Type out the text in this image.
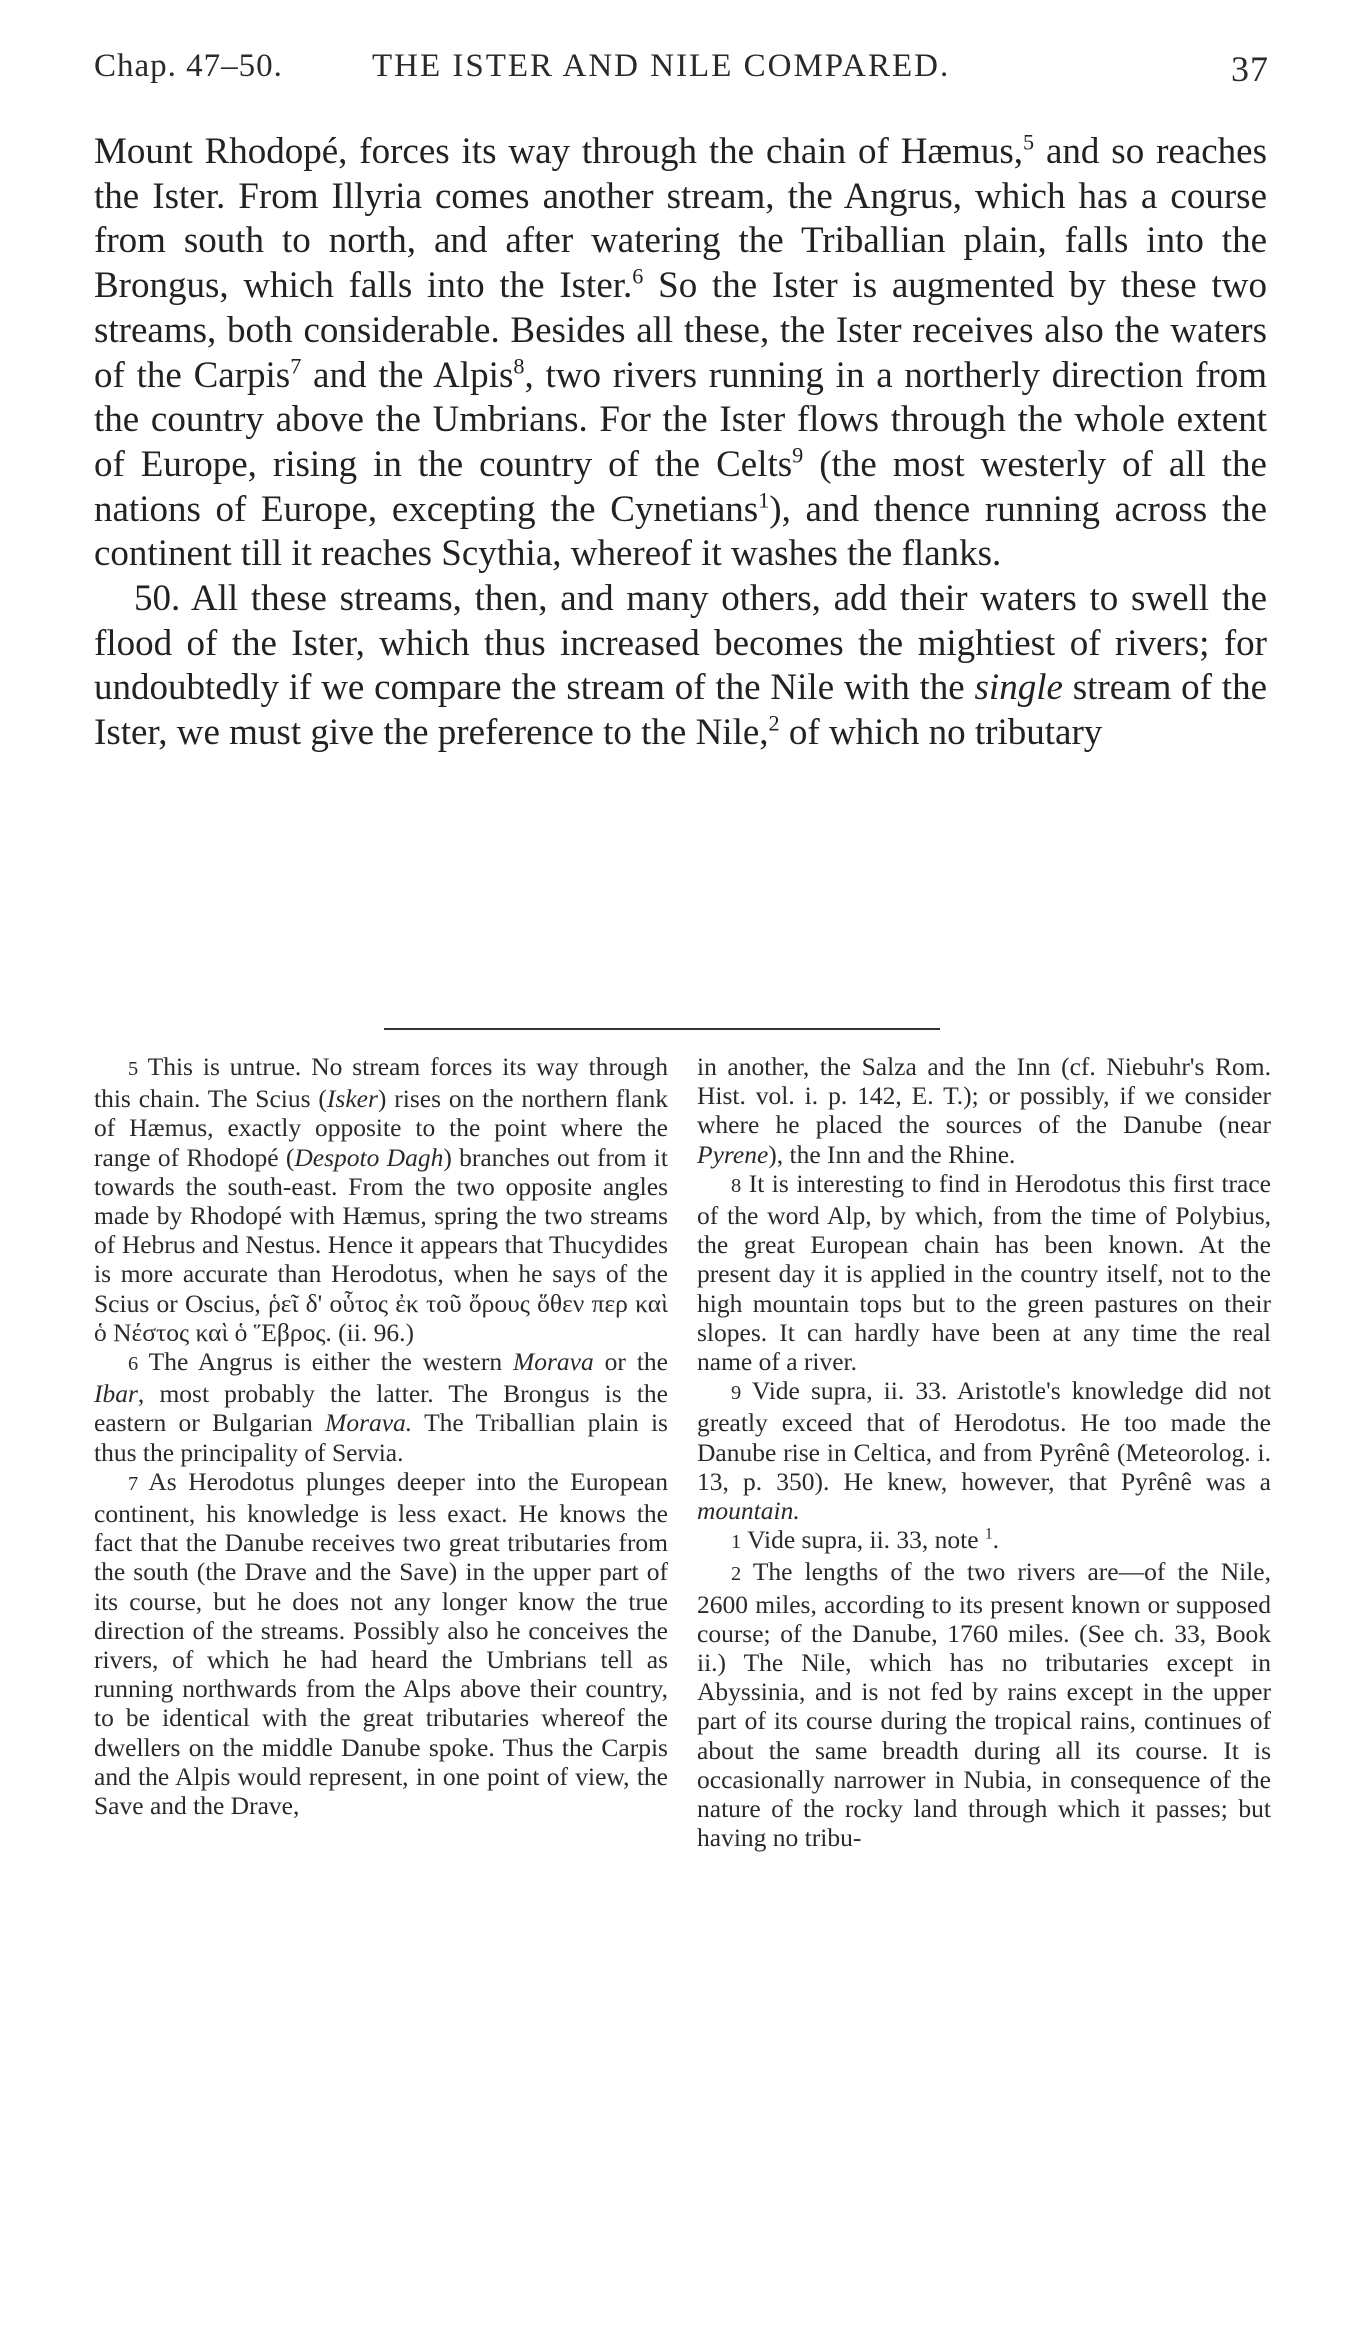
Chap. 47–50.	THE ISTER AND NILE COMPARED.	37

Mount Rhodopé, forces its way through the chain of Hæmus,$^5$ and so reaches the Ister. From Illyria comes another stream, the Angrus, which has a course from south to north, and after watering the Triballian plain, falls into the Brongus, which falls into the Ister.$^6$ So the Ister is augmented by these two streams, both considerable. Besides all these, the Ister receives also the waters of the Carpis$^7$ and the Alpis$^8$, two rivers running in a northerly direction from the country above the Umbrians. For the Ister flows through the whole extent of Europe, rising in the country of the Celts$^9$ (the most westerly of all the nations of Europe, excepting the Cynetians$^1$), and thence running across the continent till it reaches Scythia, whereof it washes the flanks.

50. All these streams, then, and many others, add their waters to swell the flood of the Ister, which thus increased becomes the mightiest of rivers; for undoubtedly if we compare the stream of the Nile with the single stream of the Ister, we must give the preference to the Nile,$^2$ of which no tributary

5 This is untrue. No stream forces its way through this chain. The Scius (Isker) rises on the northern flank of Hæmus, exactly opposite to the point where the range of Rhodopé (Despoto Dagh) branches out from it towards the south-east. From the two opposite angles made by Rhodopé with Hæmus, spring the two streams of Hebrus and Nestus. Hence it appears that Thucydides is more accurate than Herodotus, when he says of the Scius or Oscius, ῥεῖ δ' οὗτος ἐκ τοῦ ὄρους ὅθεν περ καὶ ὁ Νέστος καὶ ὁ Ἕβρος. (ii. 96.)

6 The Angrus is either the western Morava or the Ibar, most probably the latter. The Brongus is the eastern or Bulgarian Morava. The Triballian plain is thus the principality of Servia.

7 As Herodotus plunges deeper into the European continent, his knowledge is less exact. He knows the fact that the Danube receives two great tributaries from the south (the Drave and the Save) in the upper part of its course, but he does not any longer know the true direction of the streams. Possibly also he conceives the rivers, of which he had heard the Umbrians tell as running northwards from the Alps above their country, to be identical with the great tributaries whereof the dwellers on the middle Danube spoke. Thus the Carpis and the Alpis would represent, in one point of view, the Save and the Drave,

in another, the Salza and the Inn (cf. Niebuhr's Rom. Hist. vol. i. p. 142, E. T.); or possibly, if we consider where he placed the sources of the Danube (near Pyrene), the Inn and the Rhine.

8 It is interesting to find in Herodotus this first trace of the word Alp, by which, from the time of Polybius, the great European chain has been known. At the present day it is applied in the country itself, not to the high mountain tops but to the green pastures on their slopes. It can hardly have been at any time the real name of a river.

9 Vide supra, ii. 33. Aristotle's knowledge did not greatly exceed that of Herodotus. He too made the Danube rise in Celtica, and from Pyrênê (Meteorolog. i. 13, p. 350). He knew, however, that Pyrênê was a mountain.

1 Vide supra, ii. 33, note $^1$.

2 The lengths of the two rivers are—of the Nile, 2600 miles, according to its present known or supposed course; of the Danube, 1760 miles. (See ch. 33, Book ii.) The Nile, which has no tributaries except in Abyssinia, and is not fed by rains except in the upper part of its course during the tropical rains, continues of about the same breadth during all its course. It is occasionally narrower in Nubia, in consequence of the nature of the rocky land through which it passes; but having no tribu-
